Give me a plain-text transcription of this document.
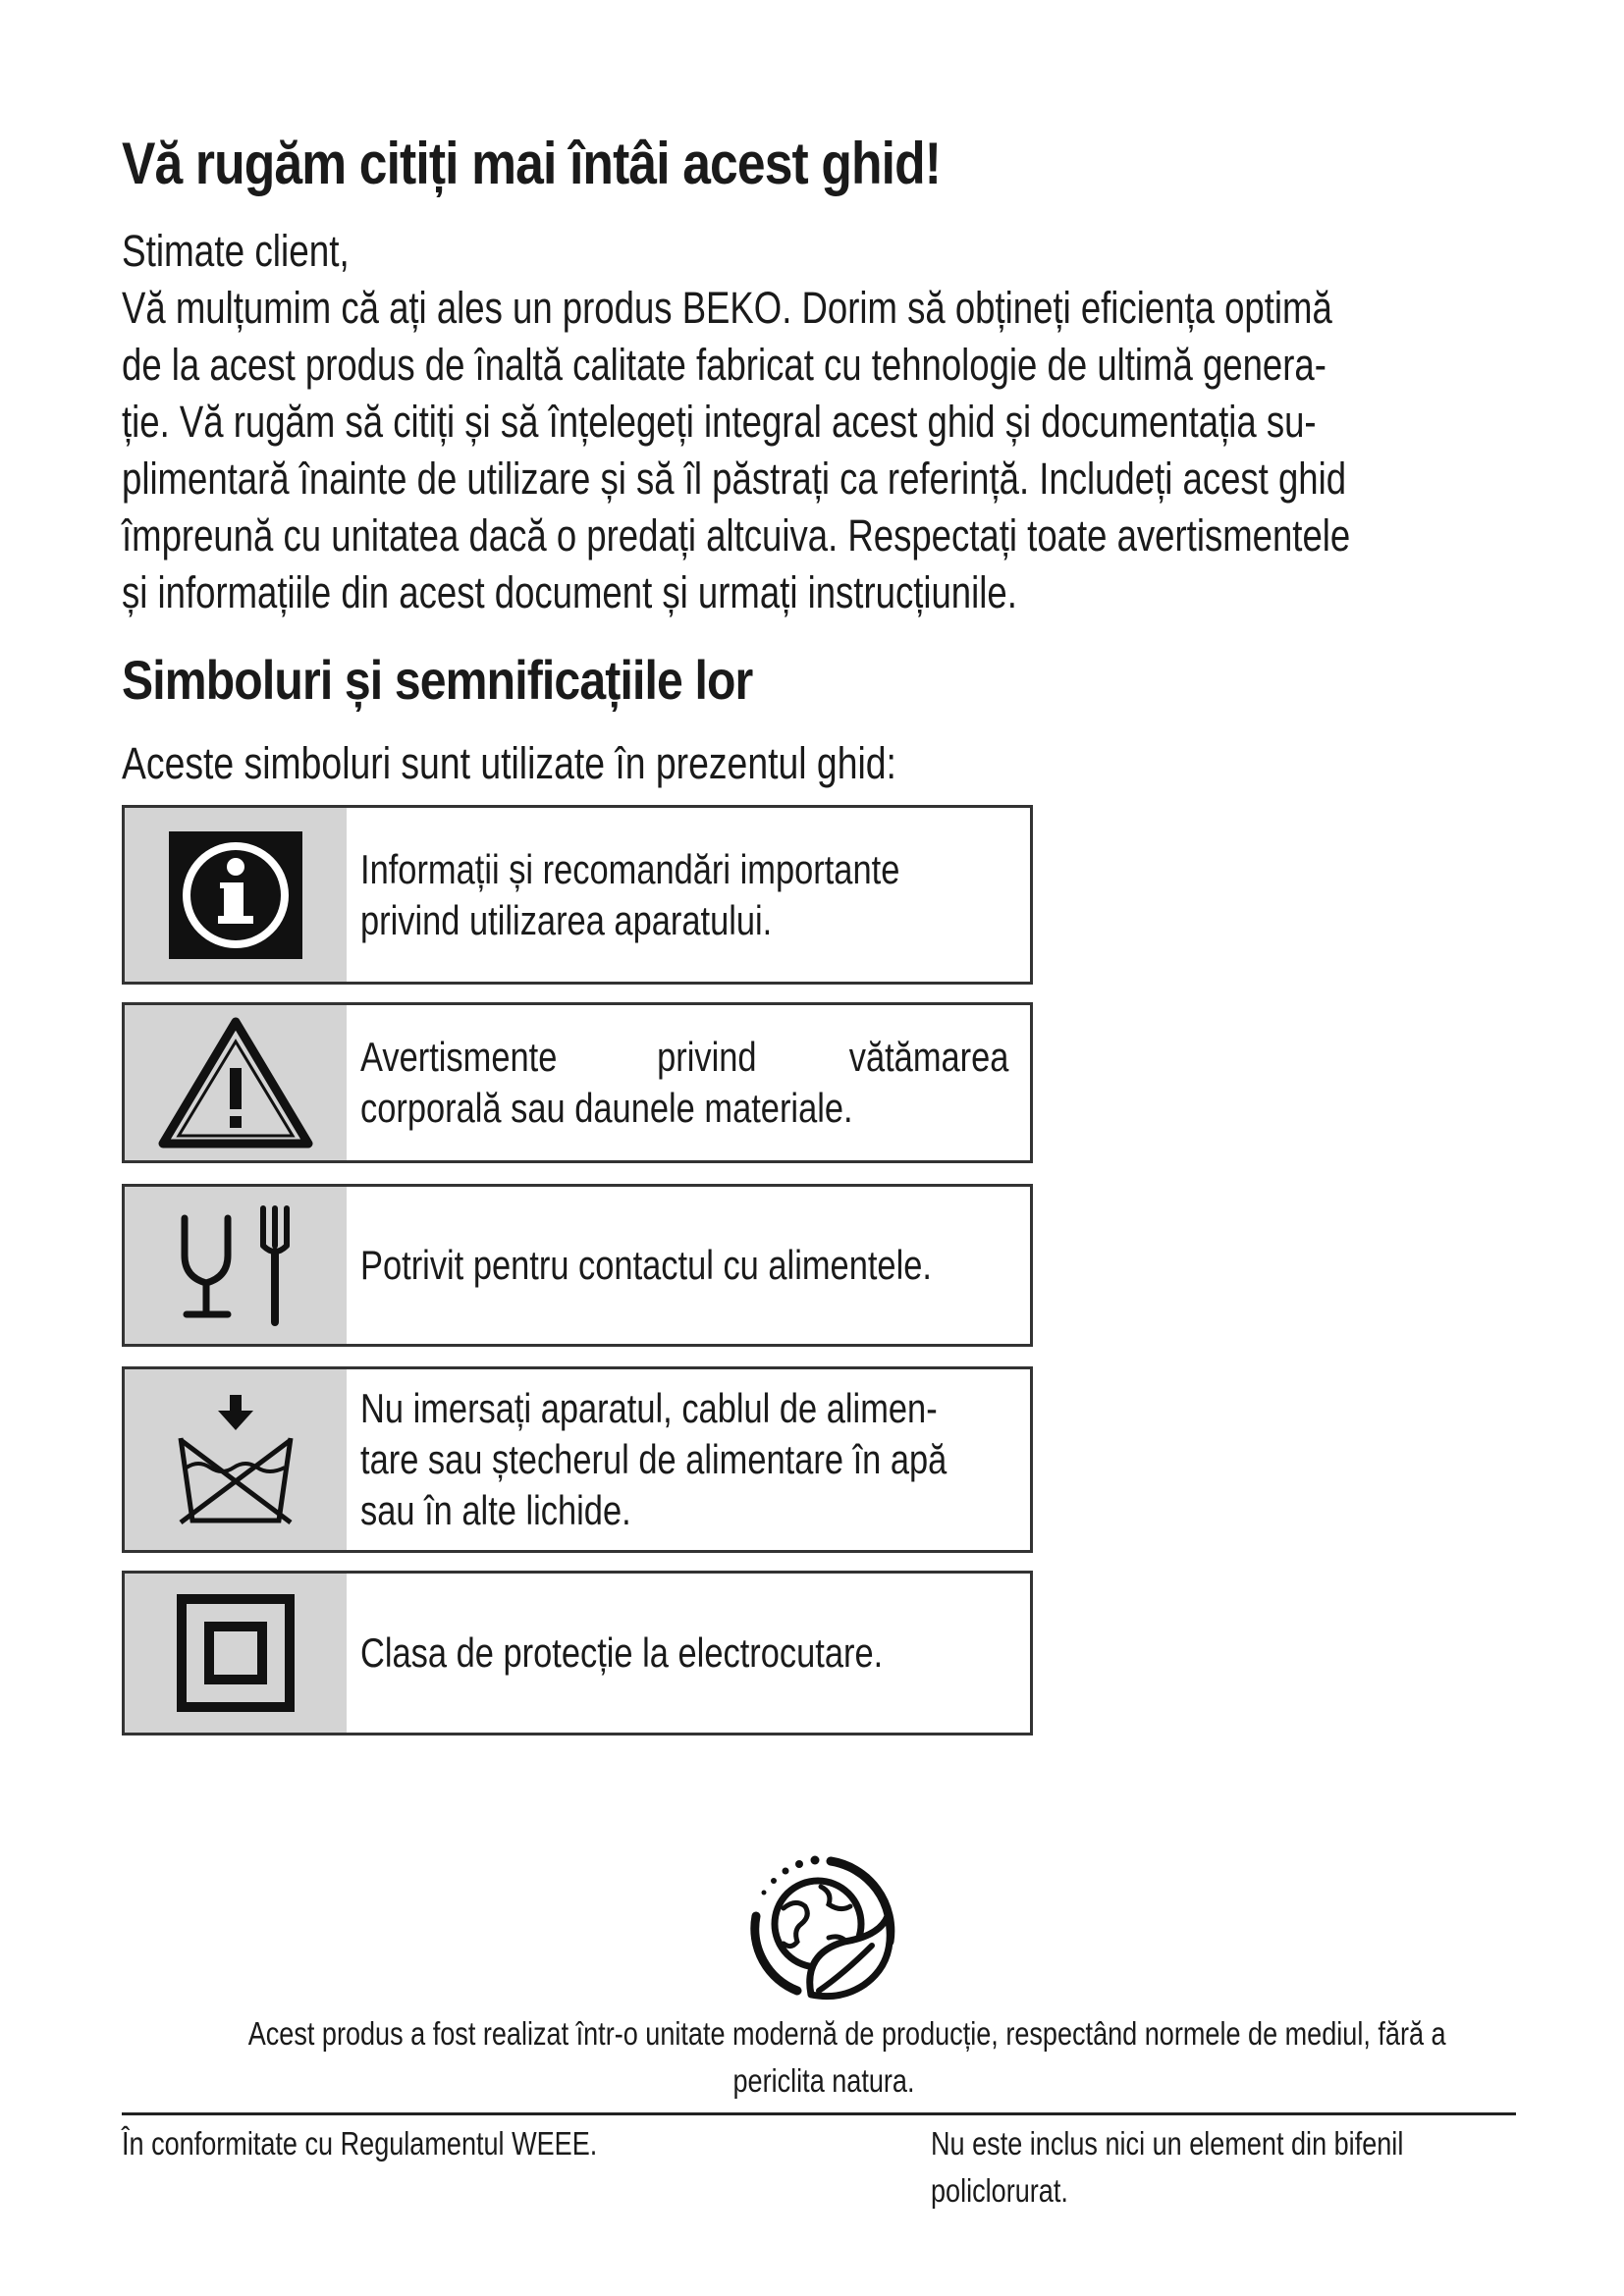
Vă rugăm citiți mai întâi acest ghid!
Stimate client,
Vă mulțumim că ați ales un produs BEKO. Dorim să obțineți eficiența optimă
de la acest produs de înaltă calitate fabricat cu tehnologie de ultimă genera-
ție. Vă rugăm să citiți și să înțelegeți integral acest ghid și documentația su-
plimentară înainte de utilizare și să îl păstrați ca referință. Includeți acest ghid
împreună cu unitatea dacă o predați altcuiva. Respectați toate avertismentele
și informațiile din acest document și urmați instrucțiunile.
Simboluri și semnificațiile lor
Aceste simboluri sunt utilizate în prezentul ghid:
Informații și recomandări importante
privind utilizarea aparatului.
Avertismente privind vătămarea
corporală sau daunele materiale.
Potrivit pentru contactul cu alimentele.
Nu imersați aparatul, cablul de alimen-
tare sau ștecherul de alimentare în apă
sau în alte lichide.
Clasa de protecție la electrocutare.
Acest produs a fost realizat într-o unitate modernă de producție, respectând normele de mediul, fără a
periclita natura.
În conformitate cu Regulamentul WEEE.	Nu este inclus nici un element din bifenil
policlorurat.
